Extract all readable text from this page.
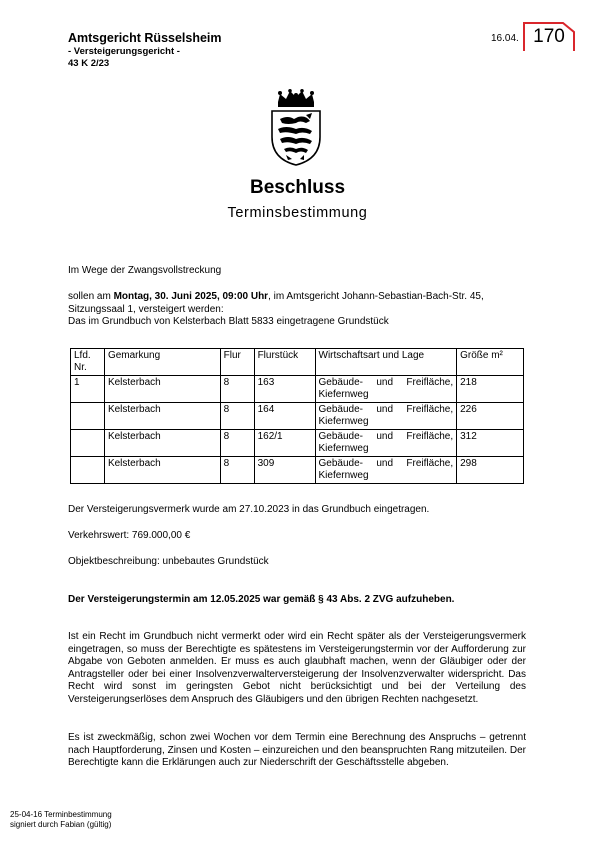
Amtsgericht Rüsselsheim
- Versteigerungsgericht -
43 K 2/23
16.04. 170
Beschluss
Terminsbestimmung
Im Wege der Zwangsvollstreckung
sollen am Montag, 30. Juni 2025, 09:00 Uhr, im Amtsgericht Johann-Sebastian-Bach-Str. 45,
Sitzungssaal 1, versteigert werden:
Das im Grundbuch von Kelsterbach Blatt 5833 eingetragene Grundstück
Lfd. Nr.	Gemarkung	Flur	Flurstück	Wirtschaftsart und Lage	Größe m²
1	Kelsterbach	8	163	Gebäude- und Freifläche,
Kiefernweg	218
	Kelsterbach	8	164	Gebäude- und Freifläche,
Kiefernweg	226
	Kelsterbach	8	162/1	Gebäude- und Freifläche,
Kiefernweg	312
	Kelsterbach	8	309	Gebäude- und Freifläche,
Kiefernweg	298
Der Versteigerungsvermerk wurde am 27.10.2023 in das Grundbuch eingetragen.
Verkehrswert: 769.000,00 €
Objektbeschreibung: unbebautes Grundstück
Der Versteigerungstermin am 12.05.2025 war gemäß § 43 Abs. 2 ZVG aufzuheben.
Ist ein Recht im Grundbuch nicht vermerkt oder wird ein Recht später als der Versteigerungsvermerk eingetragen, so muss der Berechtigte es spätestens im Versteigerungstermin vor der Aufforderung zur Abgabe von Geboten anmelden. Er muss es auch glaubhaft machen, wenn der Gläubiger oder der Antragsteller oder bei einer Insolvenzverwalterversteigerung der Insolvenzverwalter widerspricht. Das Recht wird sonst im geringsten Gebot nicht berücksichtigt und bei der Verteilung des Versteigerungserlöses dem Anspruch des Gläubigers und den übrigen Rechten nachgesetzt.
Es ist zweckmäßig, schon zwei Wochen vor dem Termin eine Berechnung des Anspruchs – getrennt nach Hauptforderung, Zinsen und Kosten – einzureichen und den beanspruchten Rang mitzuteilen. Der Berechtigte kann die Erklärungen auch zur Niederschrift der Geschäftsstelle abgeben.
25-04-16 Terminbestimmung
signiert durch Fabian (gültig)
